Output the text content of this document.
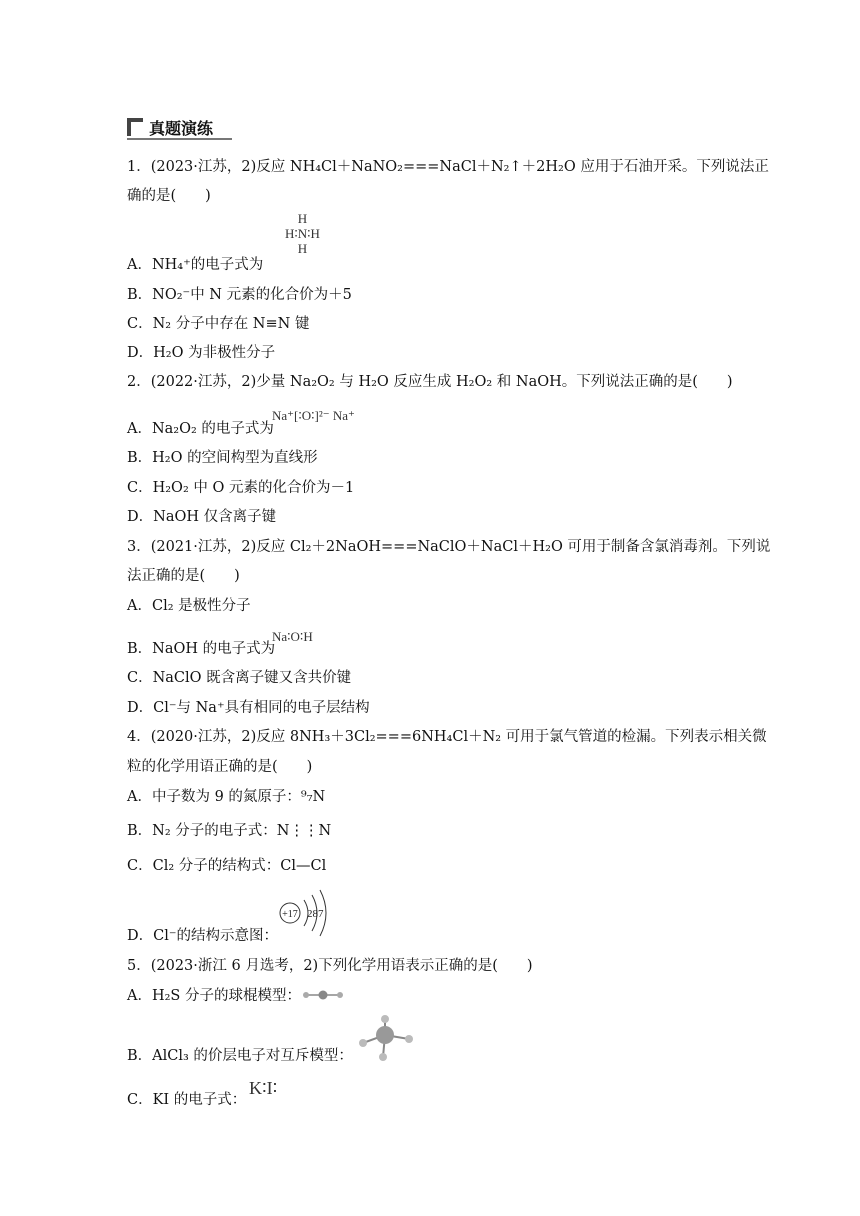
真题演练
1．(2023·江苏，2)反应 NH₄Cl＋NaNO₂===NaCl＋N₂↑＋2H₂O 应用于石油开采。下列说法正
确的是(　　)
H
H∶N∶H
H
A．NH₄⁺的电子式为
B．NO₂⁻中 N 元素的化合价为＋5
C．N₂ 分子中存在 N≡N 键
D．H₂O 为非极性分子
2．(2022·江苏，2)少量 Na₂O₂ 与 H₂O 反应生成 H₂O₂ 和 NaOH。下列说法正确的是(　　)
Na⁺[∶O∶]²⁻ Na⁺
A．Na₂O₂ 的电子式为
B．H₂O 的空间构型为直线形
C．H₂O₂ 中 O 元素的化合价为－1
D．NaOH 仅含离子键
3．(2021·江苏，2)反应 Cl₂＋2NaOH===NaClO＋NaCl＋H₂O 可用于制备含氯消毒剂。下列说
法正确的是(　　)
A．Cl₂ 是极性分子
Na∶O∶H
B．NaOH 的电子式为
C．NaClO 既含离子键又含共价键
D．Cl⁻与 Na⁺具有相同的电子层结构
4．(2020·江苏，2)反应 8NH₃＋3Cl₂===6NH₄Cl＋N₂ 可用于氯气管道的检漏。下列表示相关微
粒的化学用语正确的是(　　)
A．中子数为 9 的氮原子：⁹₇N
B．N₂ 分子的电子式：N⋮⋮N
C．Cl₂ 分子的结构式：Cl—Cl
D．Cl⁻的结构示意图：
+17 287
5．(2023·浙江 6 月选考，2)下列化学用语表示正确的是(　　)
A．H₂S 分子的球棍模型：
B．AlCl₃ 的价层电子对互斥模型：
C．KI 的电子式：
K∶I∶
